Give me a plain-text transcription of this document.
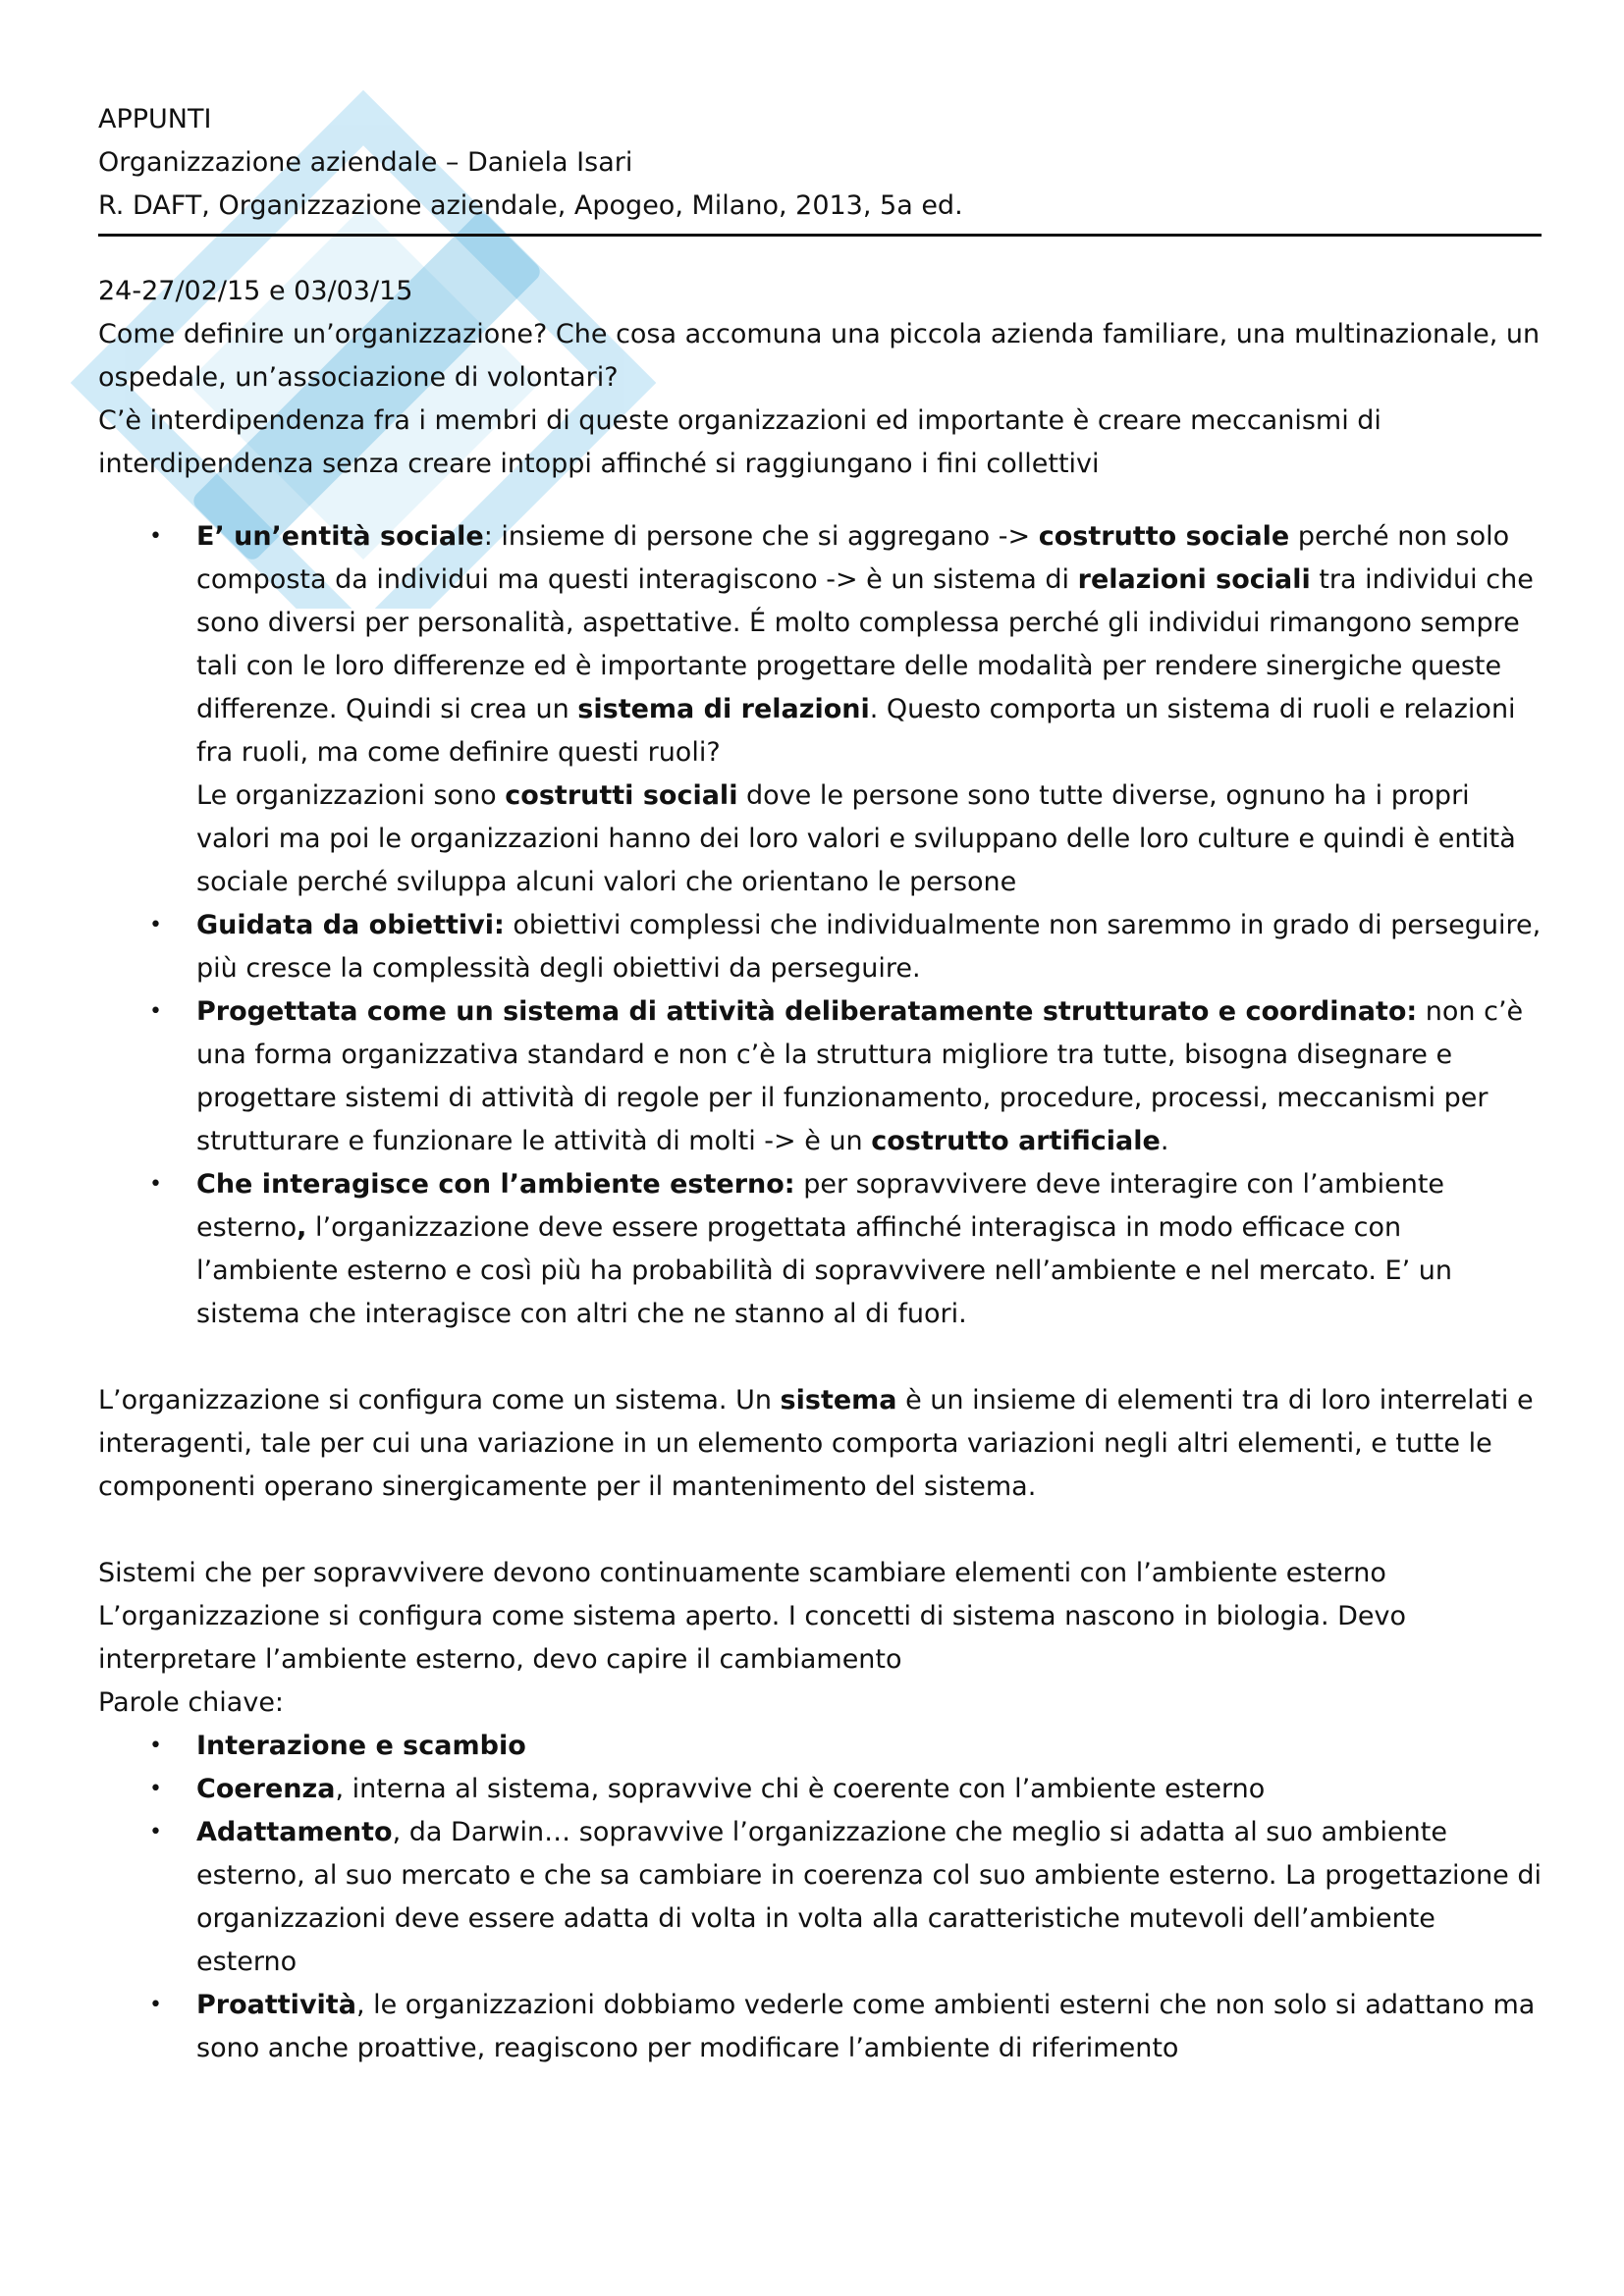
APPUNTI

Organizzazione aziendale – Daniela Isari

R. DAFT, Organizzazione aziendale, Apogeo, Milano, 2013, 5a ed.

24-27/02/15 e 03/03/15

Come definire un’organizzazione? Che cosa accomuna una piccola azienda familiare, una multinazionale, un ospedale, un’associazione di volontari?

C’è interdipendenza fra i membri di queste organizzazioni ed importante è creare meccanismi di interdipendenza senza creare intoppi affinché si raggiungano i fini collettivi

• E’ un’entità sociale: insieme di persone che si aggregano -> costrutto sociale perché non solo composta da individui ma questi interagiscono -> è un sistema di relazioni sociali tra individui che sono diversi per personalità, aspettative. É molto complessa perché gli individui rimangono sempre tali con le loro differenze ed è importante progettare delle modalità per rendere sinergiche queste differenze. Quindi si crea un sistema di relazioni. Questo comporta un sistema di ruoli e relazioni fra ruoli, ma come definire questi ruoli?
Le organizzazioni sono costrutti sociali dove le persone sono tutte diverse, ognuno ha i propri valori ma poi le organizzazioni hanno dei loro valori e sviluppano delle loro culture e quindi è entità sociale perché sviluppa alcuni valori che orientano le persone
• Guidata da obiettivi: obiettivi complessi che individualmente non saremmo in grado di perseguire, più cresce la complessità degli obiettivi da perseguire.
• Progettata come un sistema di attività deliberatamente strutturato e coordinato: non c’è una forma organizzativa standard e non c’è la struttura migliore tra tutte, bisogna disegnare e progettare sistemi di attività di regole per il funzionamento, procedure, processi, meccanismi per strutturare e funzionare le attività di molti -> è un costrutto artificiale.
• Che interagisce con l’ambiente esterno: per sopravvivere deve interagire con l’ambiente esterno, l’organizzazione deve essere progettata affinché interagisca in modo efficace con l’ambiente esterno e così più ha probabilità di sopravvivere nell’ambiente e nel mercato. E’ un sistema che interagisce con altri che ne stanno al di fuori.

L’organizzazione si configura come un sistema. Un sistema è un insieme di elementi tra di loro interrelati e interagenti, tale per cui una variazione in un elemento comporta variazioni negli altri elementi, e tutte le componenti operano sinergicamente per il mantenimento del sistema.

Sistemi che per sopravvivere devono continuamente scambiare elementi con l’ambiente esterno

L’organizzazione si configura come sistema aperto. I concetti di sistema nascono in biologia. Devo interpretare l’ambiente esterno, devo capire il cambiamento

Parole chiave:

• Interazione e scambio
• Coerenza, interna al sistema, sopravvive chi è coerente con l’ambiente esterno
• Adattamento, da Darwin… sopravvive l’organizzazione che meglio si adatta al suo ambiente esterno, al suo mercato e che sa cambiare in coerenza col suo ambiente esterno. La progettazione di organizzazioni deve essere adatta di volta in volta alla caratteristiche mutevoli dell’ambiente esterno
• Proattività, le organizzazioni dobbiamo vederle come ambienti esterni che non solo si adattano ma sono anche proattive, reagiscono per modificare l’ambiente di riferimento
